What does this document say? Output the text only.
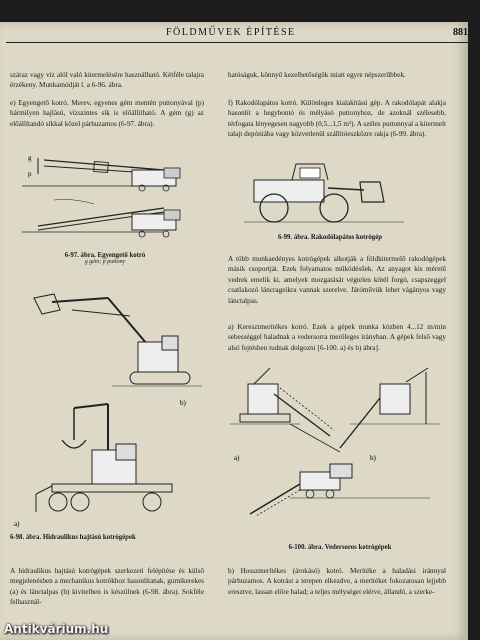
FÖLDMŰVEK ÉPÍTÉSE	881

száraz vagy víz alól való kitermelésére használható. Kétféle talajra érzékeny. Munkamódját l. a 6-96. ábra.

e) Egyengető kotró. Merev, egyenes gém mentén puttonyával (p) hármilyen hajlású, vízszintes sík is előállítható. A gém (g) az előállítandó síkkal közel párhuzamos (6-97. ábra).

g
p
6-97. ábra. Egyengető kotró
g gém; p puttony
b)
a)
6-98. ábra. Hidraulikus hajtású kotrógépek

A hidraulikus hajtású kotrógépek szerkezeti felépítése és külső megjelenésben a mechanikus kotrókhoz hasonlítanak, gumikerekes (a) és lánctalpas (b) kivitelben is készülnek (6-98. ábra). Sokféle felhasznál-

hatóságuk, könnyű kezelhetőségük miatt egyre népszerűbbek.

f) Rakodólapátos kotró. Különleges kialakítású gép. A rakodólapát alakja hasonlít a hegybontó és mélyásó puttonyhoz, de azoknál szélesebb, térfogata lényegesen nagyobb (0,5...1,5 m³). A széles puttonnyal a kitermelt talajt depóniába vagy közvetlenül szállítóeszközre rakja (6-99. ábra).

6-99. ábra. Rakodólapátos kotrógép

A több munkaedényes kotrógépek alkotják a földkitermelő rakodógépek másik csoportját. Ezek folyamatos működésűek. Az anyagot kis méretű vedrek emelik ki, amelyek mozgatását végtelen kötél forgó, csapszeggel csatlakozó láncrageikra vannak szerelve. Járóművük lehet vágányos vagy lánctalpas.

a) Keresztmerítékes kotró. Ezek a gépek munka közben 4...12 m/min sebességgel haladnak a vedersorra merőleges irányban. A gépek felső vagy alsó fejtésben tudnak dolgozni [6-100. a) és b) ábra].

a)	b)
6-100. ábra. Vedersoros kotrógépek

b) Hosszmerítékes (árokásó) kotró. Merítéke a haladási iránnyal párhuzamos. A kotrást a terepen elkezdve, a merítéket fokozatosan lejjebb eresztve, lassan előre halad; a teljes mélységet elérve, állandó, a szerke-

Antikvárium.hu
